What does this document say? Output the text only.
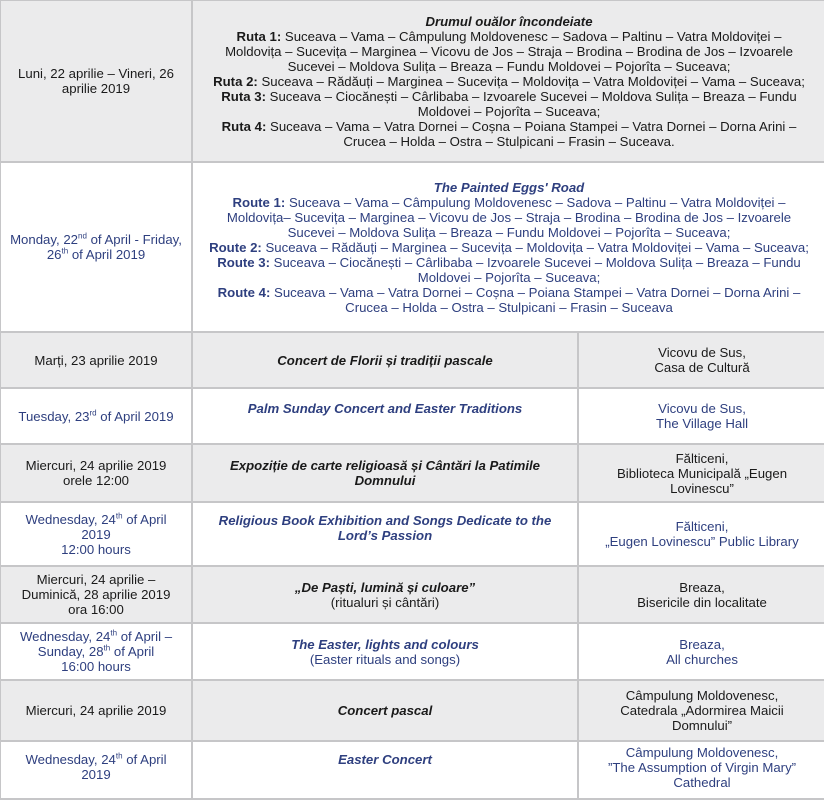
Luni, 22 aprilie – Vineri, 26 aprilie 2019	Drumul ouălor încondeiate
Ruta 1: Suceava – Vama – Câmpulung Moldovenesc – Sadova – Paltinu – Vatra Moldoviței – Moldovița – Sucevița – Marginea – Vicovu de Jos – Straja – Brodina – Brodina de Jos – Izvoarele Sucevei – Moldova Sulița – Breaza – Fundu Moldovei – Pojorîta – Suceava;
Ruta 2: Suceava – Rădăuți – Marginea – Sucevița – Moldovița – Vatra Moldoviței – Vama – Suceava;
Ruta 3: Suceava – Ciocănești – Cârlibaba – Izvoarele Sucevei – Moldova Sulița – Breaza – Fundu Moldovei – Pojorîta – Suceava;
Ruta 4: Suceava – Vama – Vatra Dornei – Coșna – Poiana Stampei – Vatra Dornei – Dorna Arini – Crucea – Holda – Ostra – Stulpicani – Frasin – Suceava.	

Monday, 22nd of April - Friday, 26th of April 2019	The Painted Eggs' Road
Route 1: Suceava – Vama – Câmpulung Moldovenesc – Sadova – Paltinu – Vatra Moldoviței – Moldovița– Sucevița – Marginea – Vicovu de Jos – Straja – Brodina – Brodina de Jos – Izvoarele Sucevei – Moldova Sulița – Breaza – Fundu Moldovei – Pojorîta – Suceava;
Route 2: Suceava – Rădăuți – Marginea – Sucevița – Moldovița – Vatra Moldoviței – Vama – Suceava;
Route 3: Suceava – Ciocănești – Cârlibaba – Izvoarele Sucevei – Moldova Sulița – Breaza – Fundu Moldovei – Pojorîta – Suceava;
Route 4: Suceava – Vama – Vatra Dornei – Coșna – Poiana Stampei – Vatra Dornei – Dorna Arini – Crucea – Holda – Ostra – Stulpicani – Frasin – Suceava	

Marți, 23 aprilie 2019	Concert de Florii și tradiții pascale	Vicovu de Sus,
Casa de Cultură

Tuesday, 23rd of April 2019	Palm Sunday Concert and Easter Traditions	Vicovu de Sus,
The Village Hall

Miercuri, 24 aprilie 2019
orele 12:00	Expoziție de carte religioasă și Cântări la Patimile Domnului	Fălticeni,
Biblioteca Municipală „Eugen Lovinescu”

Wednesday, 24th of April 2019
12:00 hours	Religious Book Exhibition and Songs Dedicate to the Lord’s Passion	Fălticeni,
„Eugen Lovinescu” Public Library

Miercuri, 24 aprilie – Duminică, 28 aprilie 2019
ora 16:00	„De Paști, lumină și culoare”
(ritualuri și cântări)	Breaza,
Bisericile din localitate

Wednesday, 24th of April – Sunday, 28th of April
16:00 hours	The Easter, lights and colours
(Easter rituals and songs)	Breaza,
All churches

Miercuri, 24 aprilie 2019	Concert pascal	Câmpulung Moldovenesc,
Catedrala „Adormirea Maicii Domnului”

Wednesday, 24th of April 2019	Easter Concert	Câmpulung Moldovenesc,
”The Assumption of Virgin Mary” Cathedral
